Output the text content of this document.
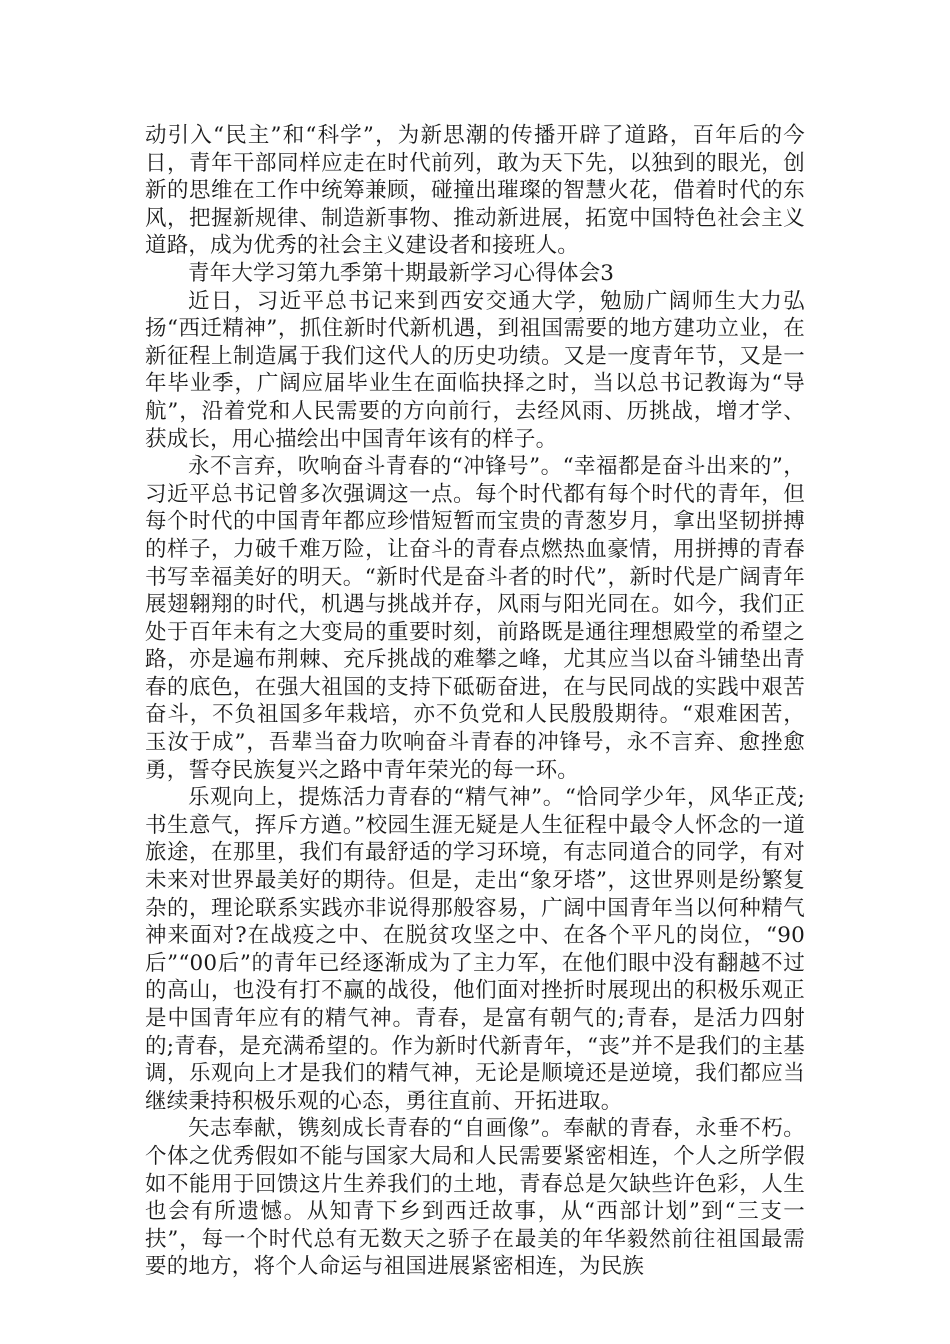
动引入“民主”和“科学”，为新思潮的传播开辟了道路，百年后的今日，青年干部同样应走在时代前列，敢为天下先，以独到的眼光，创新的思维在工作中统筹兼顾，碰撞出璀璨的智慧火花，借着时代的东风，把握新规律、制造新事物、推动新进展，拓宽中国特色社会主义道路，成为优秀的社会主义建设者和接班人。

青年大学习第九季第十期最新学习心得体会3

近日，习近平总书记来到西安交通大学，勉励广阔师生大力弘扬“西迁精神”，抓住新时代新机遇，到祖国需要的地方建功立业，在新征程上制造属于我们这代人的历史功绩。又是一度青年节，又是一年毕业季，广阔应届毕业生在面临抉择之时，当以总书记教诲为“导航”，沿着党和人民需要的方向前行，去经风雨、历挑战，增才学、获成长，用心描绘出中国青年该有的样子。

永不言弃，吹响奋斗青春的“冲锋号”。“幸福都是奋斗出来的”，习近平总书记曾多次强调这一点。每个时代都有每个时代的青年，但每个时代的中国青年都应珍惜短暂而宝贵的青葱岁月，拿出坚韧拼搏的样子，力破千难万险，让奋斗的青春点燃热血豪情，用拼搏的青春书写幸福美好的明天。“新时代是奋斗者的时代”，新时代是广阔青年展翅翱翔的时代，机遇与挑战并存，风雨与阳光同在。如今，我们正处于百年未有之大变局的重要时刻，前路既是通往理想殿堂的希望之路，亦是遍布荆棘、充斥挑战的难攀之峰，尤其应当以奋斗铺垫出青春的底色，在强大祖国的支持下砥砺奋进，在与民同战的实践中艰苦奋斗，不负祖国多年栽培，亦不负党和人民殷殷期待。“艰难困苦，玉汝于成”，吾辈当奋力吹响奋斗青春的冲锋号，永不言弃、愈挫愈勇，誓夺民族复兴之路中青年荣光的每一环。

乐观向上，提炼活力青春的“精气神”。“恰同学少年，风华正茂;书生意气，挥斥方遒。”校园生涯无疑是人生征程中最令人怀念的一道旅途，在那里，我们有最舒适的学习环境，有志同道合的同学，有对未来对世界最美好的期待。但是，走出“象牙塔”，这世界则是纷繁复杂的，理论联系实践亦非说得那般容易，广阔中国青年当以何种精气神来面对?在战疫之中、在脱贫攻坚之中、在各个平凡的岗位，“90后”“00后”的青年已经逐渐成为了主力军，在他们眼中没有翻越不过的高山，也没有打不赢的战役，他们面对挫折时展现出的积极乐观正是中国青年应有的精气神。青春，是富有朝气的;青春，是活力四射的;青春，是充满希望的。作为新时代新青年，“丧”并不是我们的主基调，乐观向上才是我们的精气神，无论是顺境还是逆境，我们都应当继续秉持积极乐观的心态，勇往直前、开拓进取。

矢志奉献，镌刻成长青春的“自画像”。奉献的青春，永垂不朽。个体之优秀假如不能与国家大局和人民需要紧密相连，个人之所学假如不能用于回馈这片生养我们的土地，青春总是欠缺些许色彩，人生也会有所遗憾。从知青下乡到西迁故事，从“西部计划”到“三支一扶”，每一个时代总有无数天之骄子在最美的年华毅然前往祖国最需要的地方，将个人命运与祖国进展紧密相连，为民族
